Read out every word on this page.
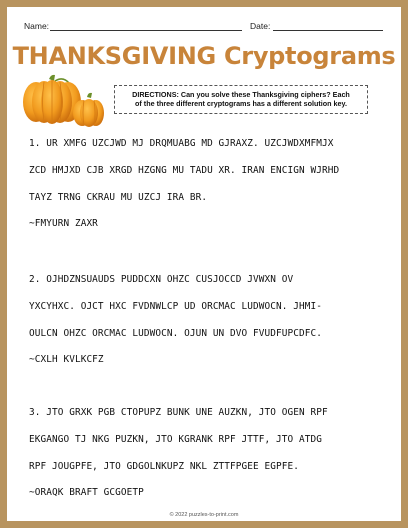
Name:	Date:
THANKSGIVING Cryptograms
DIRECTIONS: Can you solve these Thanksgiving ciphers? Each
of the three different cryptograms has a different solution key.
1. UR XMFG UZCJWD MJ DRQMUABG MD GJRAXZ. UZCJWDXMFMJX
ZCD HMJXD CJB XRGD HZGNG MU TADU XR. IRAN ENCIGN WJRHD
TAYZ TRNG CKRAU MU UZCJ IRA BR.
~FMYURN ZAXR
2. OJHDZNSUAUDS PUDDCXN OHZC CUSJOCCD JVWXN OV
YXCYHXC. OJCT HXC FVDNWLCP UD ORCMAC LUDWOCN. JHMI-
OULCN OHZC ORCMAC LUDWOCN. OJUN UN DVO FVUDFUPCDFC.
~CXLH KVLKCFZ
3. JTO GRXK PGB CTOPUPZ BUNK UNE AUZKN, JTO OGEN RPF
EKGANGO TJ NKG PUZKN, JTO KGRANK RPF JTTF, JTO ATDG
RPF JOUGPFE, JTO GDGOLNKUPZ NKL ZTTFPGEE EGPFE.
~ORAQK BRAFT GCGOETP
© 2022 puzzles-to-print.com
